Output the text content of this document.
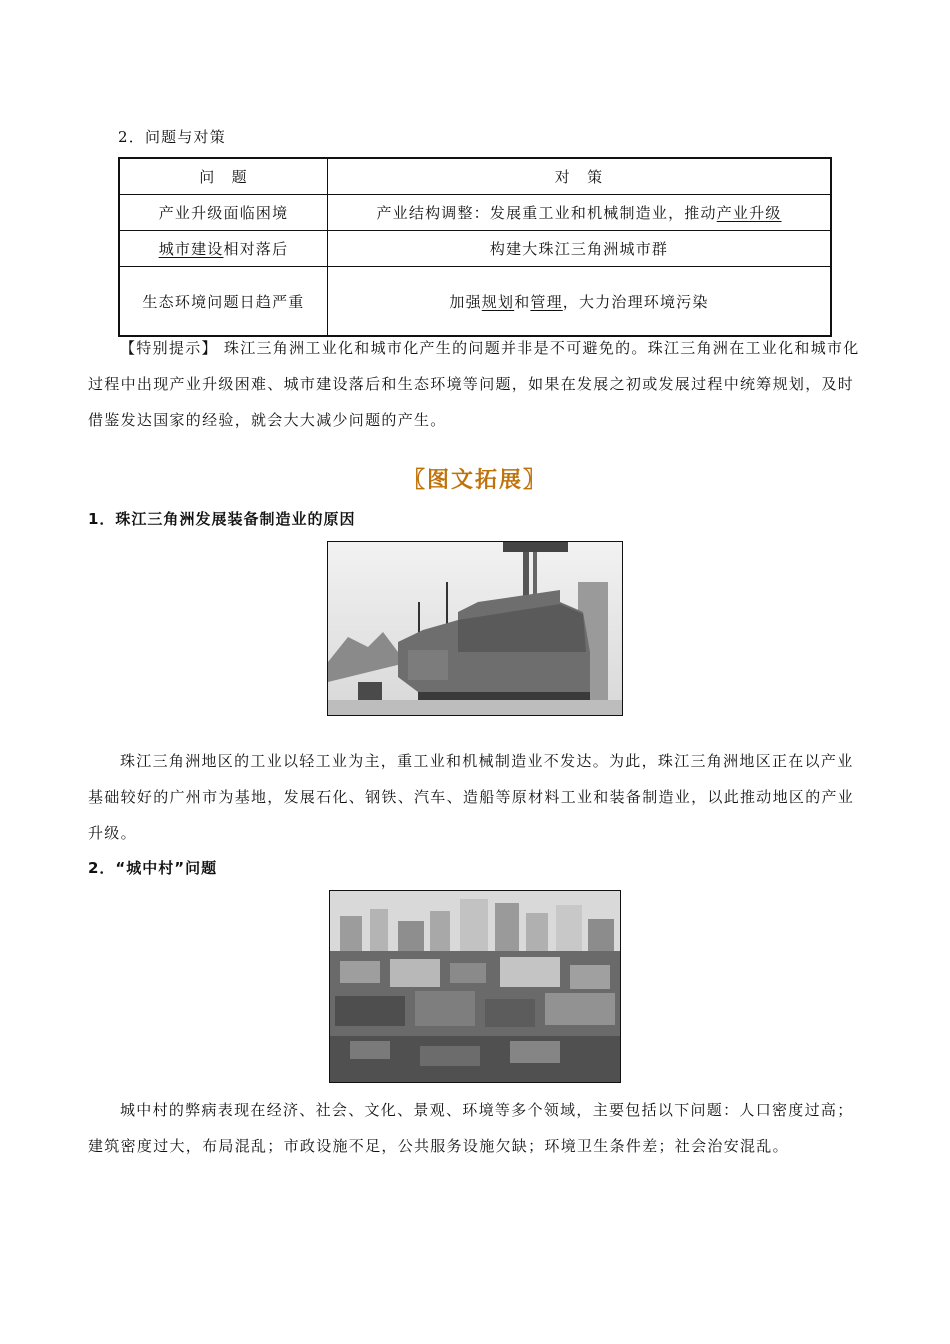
2．问题与对策
问　题	对　策
产业升级面临困境	产业结构调整：发展重工业和机械制造业，推动产业升级
城市建设相对落后	构建大珠江三角洲城市群
生态环境问题日趋严重	加强规划和管理，大力治理环境污染
【特别提示】 珠江三角洲工业化和城市化产生的问题并非是不可避免的。珠江三角洲在工业化和城市化过程中出现产业升级困难、城市建设落后和生态环境等问题，如果在发展之初或发展过程中统筹规划，及时借鉴发达国家的经验，就会大大减少问题的产生。
〖图文拓展〗
1．珠江三角洲发展装备制造业的原因
珠江三角洲地区的工业以轻工业为主，重工业和机械制造业不发达。为此，珠江三角洲地区正在以产业基础较好的广州市为基地，发展石化、钢铁、汽车、造船等原材料工业和装备制造业，以此推动地区的产业升级。
2．“城中村”问题
城中村的弊病表现在经济、社会、文化、景观、环境等多个领域，主要包括以下问题：人口密度过高；建筑密度过大，布局混乱；市政设施不足，公共服务设施欠缺；环境卫生条件差；社会治安混乱。
